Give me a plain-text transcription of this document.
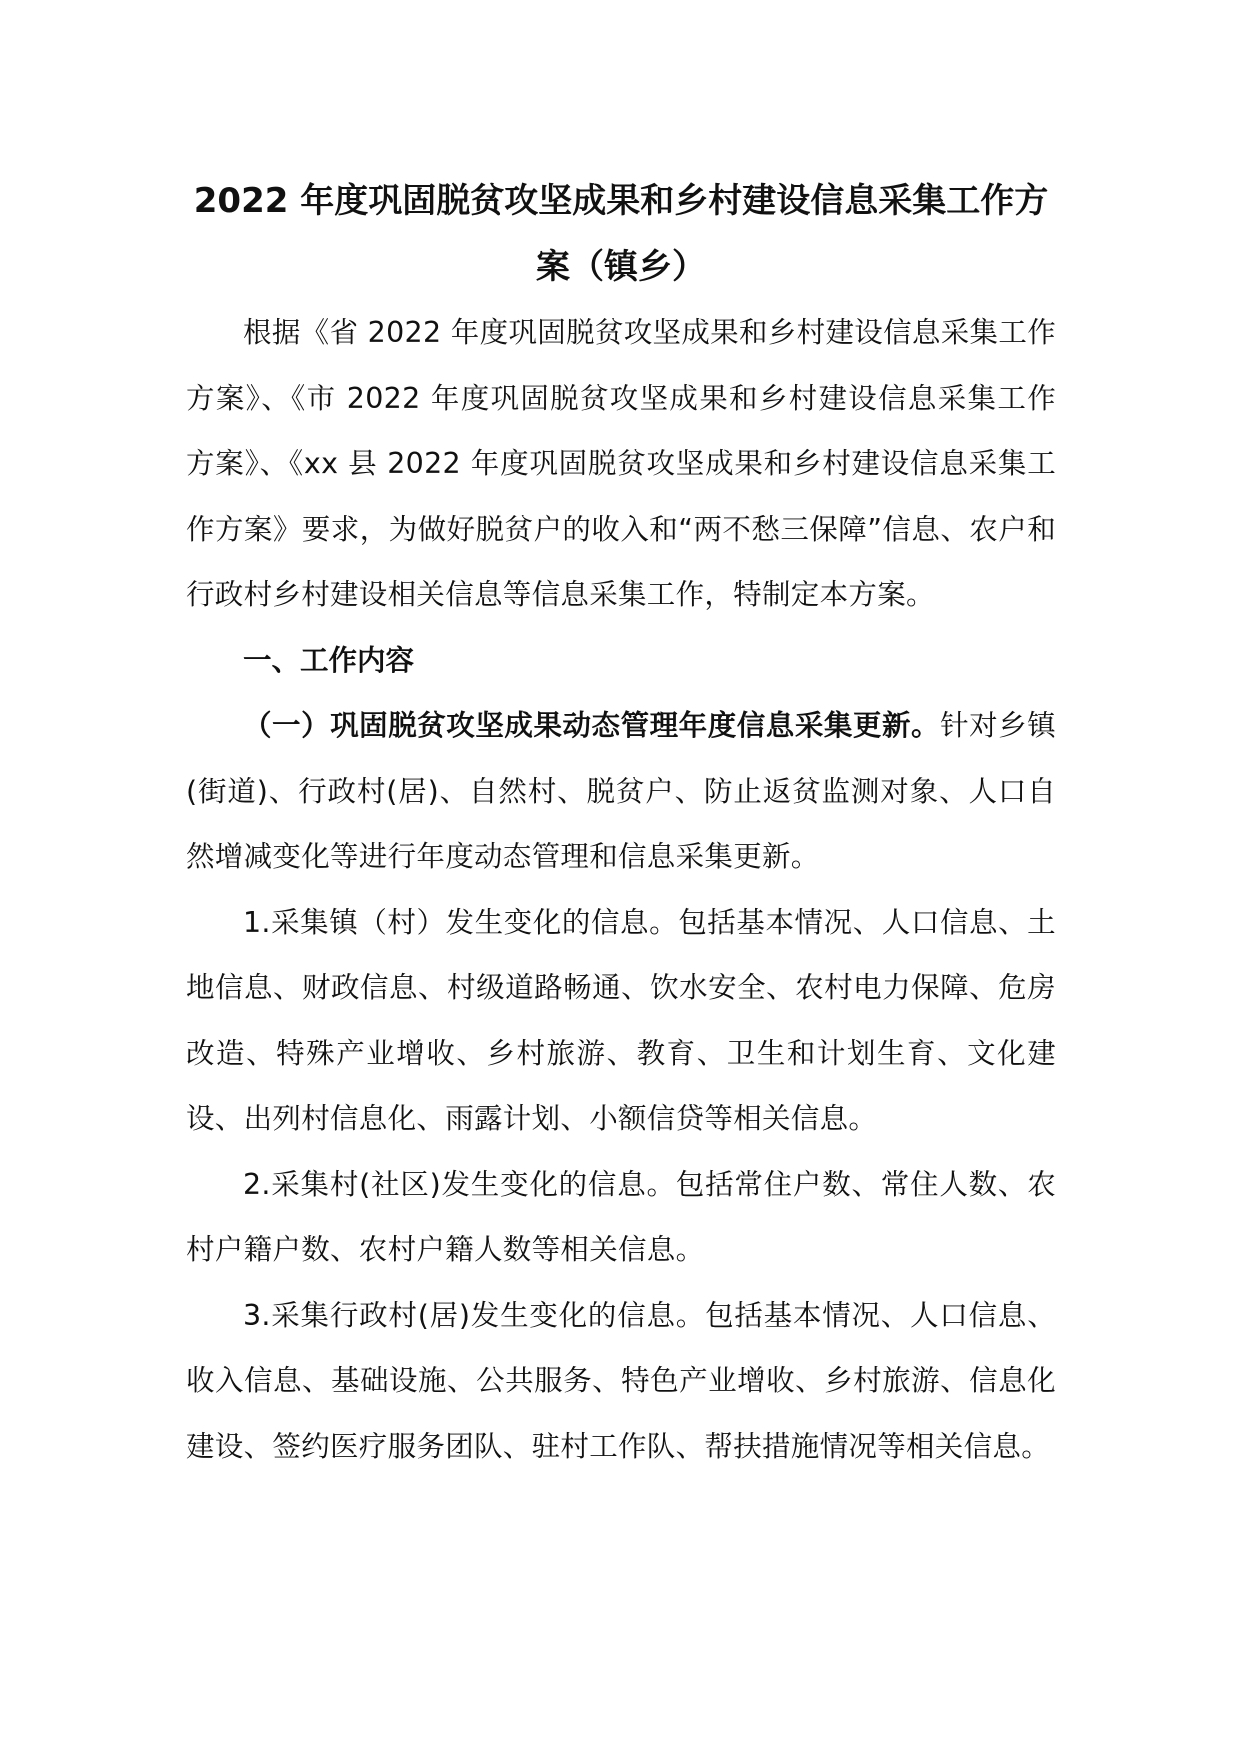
2022 年度巩固脱贫攻坚成果和乡村建设信息采集工作方案（镇乡）

根据《省 2022 年度巩固脱贫攻坚成果和乡村建设信息采集工作方案》、《市 2022 年度巩固脱贫攻坚成果和乡村建设信息采集工作方案》、《xx 县 2022 年度巩固脱贫攻坚成果和乡村建设信息采集工作方案》要求，为做好脱贫户的收入和“两不愁三保障”信息、农户和行政村乡村建设相关信息等信息采集工作，特制定本方案。

一、工作内容

（一）巩固脱贫攻坚成果动态管理年度信息采集更新。针对乡镇(街道)、行政村(居)、自然村、脱贫户、防止返贫监测对象、人口自然增减变化等进行年度动态管理和信息采集更新。

1.采集镇（村）发生变化的信息。包括基本情况、人口信息、土地信息、财政信息、村级道路畅通、饮水安全、农村电力保障、危房改造、特殊产业增收、乡村旅游、教育、卫生和计划生育、文化建设、出列村信息化、雨露计划、小额信贷等相关信息。

2.采集村(社区)发生变化的信息。包括常住户数、常住人数、农村户籍户数、农村户籍人数等相关信息。

3.采集行政村(居)发生变化的信息。包括基本情况、人口信息、收入信息、基础设施、公共服务、特色产业增收、乡村旅游、信息化建设、签约医疗服务团队、驻村工作队、帮扶措施情况等相关信息。
